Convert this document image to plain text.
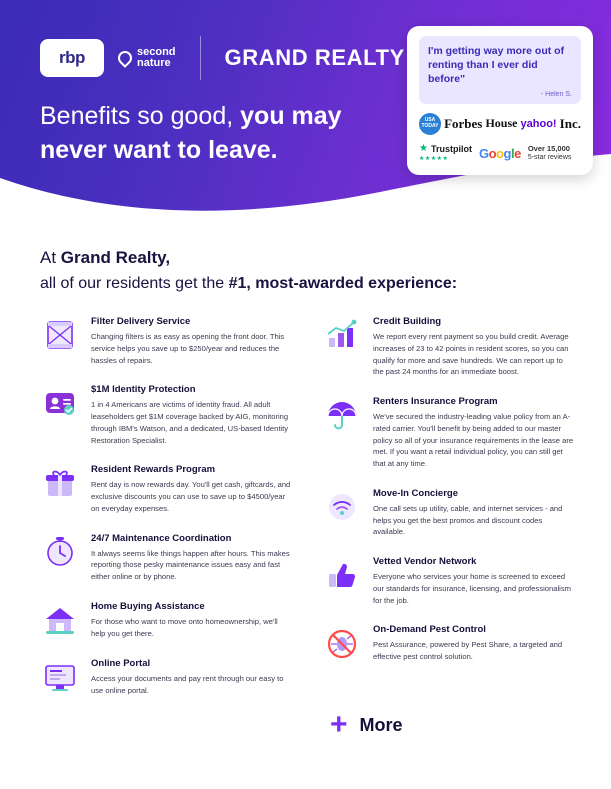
rbp	second
nature GRAND REALTY
Benefits so good, you may
never want to leave.
I'm getting way more out of renting than I ever did before"
- Helen S.
USA
TODAY Forbes House yahoo! Inc.
★ Trustpilot
★★★★★	Google Over 15,000
5-star reviews
At Grand Realty,
all of our residents get the #1, most-awarded experience:
Filter Delivery Service
Changing filters is as easy as opening the front door. This service helps you save up to $250/year and reduces the hassles of repairs.
$1M Identity Protection
1 in 4 Americans are victims of identity fraud. All adult leaseholders get $1M coverage backed by AIG, monitoring through IBM's Watson, and a dedicated, US-based Identity Restoration Specialist.
Resident Rewards Program
Rent day is now rewards day. You'll get cash, giftcards, and exclusive discounts you can use to save up to $4500/year on everyday expenses.
24/7 Maintenance Coordination
It always seems like things happen after hours. This makes reporting those pesky maintenance issues easy and fast either online or by phone.
Home Buying Assistance
For those who want to move onto homeownership, we'll help you get there.
Online Portal
Access your documents and pay rent through our easy to use online portal.
Credit Building
We report every rent payment so you build credit. Average increases of 23 to 42 points in resident scores, so you can qualify for more and save hundreds. We can report up to the past 24 months for an immediate boost.
Renters Insurance Program
We've secured the industry-leading value policy from an A-rated carrier. You'll benefit by being added to our master policy so all of your insurance requirements in the lease are met. If you want a retail individual policy, you can still get that at any time.
Move-In Concierge
One call sets up utility, cable, and internet services - and helps you get the best promos and discount codes available.
Vetted Vendor Network
Everyone who services your home is screened to exceed our standards for insurance, licensing, and professionalism for the job.
On-Demand Pest Control
Pest Assurance, powered by Pest Share, a targeted and effective pest control solution.
+ More
